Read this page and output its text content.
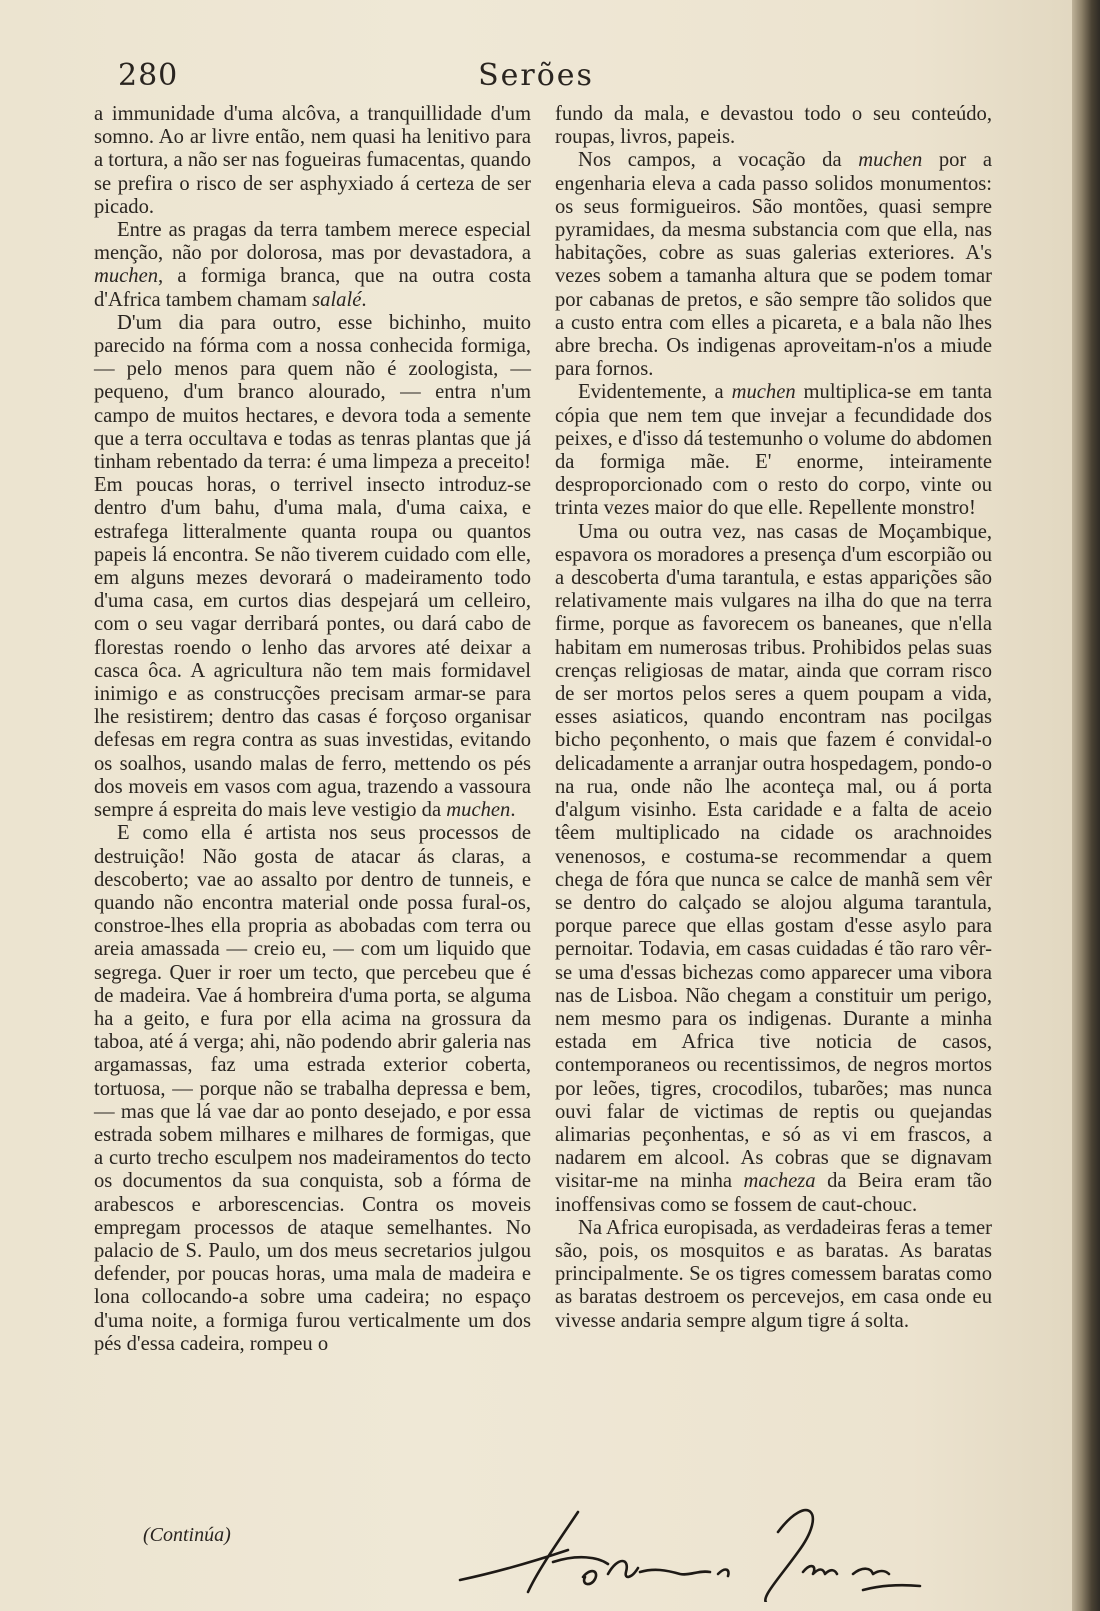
280	Serões

a immunidade d'uma alcôva, a tranquillidade d'um somno. Ao ar livre então, nem quasi ha lenitivo para a tortura, a não ser nas fogueiras fumacentas, quando se prefira o risco de ser asphyxiado á certeza de ser picado.

Entre as pragas da terra tambem merece especial menção, não por dolorosa, mas por devastadora, a muchen, a formiga branca, que na outra costa d'Africa tambem chamam salalé.

D'um dia para outro, esse bichinho, muito parecido na fórma com a nossa conhecida formiga, — pelo menos para quem não é zoologista, — pequeno, d'um branco alourado, — entra n'um campo de muitos hectares, e devora toda a semente que a terra occultava e todas as tenras plantas que já tinham rebentado da terra: é uma limpeza a preceito! Em poucas horas, o terrivel insecto introduz-se dentro d'um bahu, d'uma mala, d'uma caixa, e estrafega litteralmente quanta roupa ou quantos papeis lá encontra. Se não tiverem cuidado com elle, em alguns mezes devorará o madeiramento todo d'uma casa, em curtos dias despejará um celleiro, com o seu vagar derribará pontes, ou dará cabo de florestas roendo o lenho das arvores até deixar a casca ôca. A agricultura não tem mais formidavel inimigo e as construcções precisam armar-se para lhe resistirem; dentro das casas é forçoso organisar defesas em regra contra as suas investidas, evitando os soalhos, usando malas de ferro, mettendo os pés dos moveis em vasos com agua, trazendo a vassoura sempre á espreita do mais leve vestigio da muchen.

E como ella é artista nos seus processos de destruição! Não gosta de atacar ás claras, a descoberto; vae ao assalto por dentro de tunneis, e quando não encontra material onde possa fural-os, constroe-lhes ella propria as abobadas com terra ou areia amassada — creio eu, — com um liquido que segrega. Quer ir roer um tecto, que percebeu que é de madeira. Vae á hombreira d'uma porta, se alguma ha a geito, e fura por ella acima na grossura da taboa, até á verga; ahi, não podendo abrir galeria nas argamassas, faz uma estrada exterior coberta, tortuosa, — porque não se trabalha depressa e bem, — mas que lá vae dar ao ponto desejado, e por essa estrada sobem milhares e milhares de formigas, que a curto trecho esculpem nos madeiramentos do tecto os documentos da sua conquista, sob a fórma de arabescos e arborescencias. Contra os moveis empregam processos de ataque semelhantes. No palacio de S. Paulo, um dos meus secretarios julgou defender, por poucas horas, uma mala de madeira e lona collocando-a sobre uma cadeira; no espaço d'uma noite, a formiga furou verticalmente um dos pés d'essa cadeira, rompeu o

fundo da mala, e devastou todo o seu conteúdo, roupas, livros, papeis.

Nos campos, a vocação da muchen por a engenharia eleva a cada passo solidos monumentos: os seus formigueiros. São montões, quasi sempre pyramidaes, da mesma substancia com que ella, nas habitações, cobre as suas galerias exteriores. A's vezes sobem a tamanha altura que se podem tomar por cabanas de pretos, e são sempre tão solidos que a custo entra com elles a picareta, e a bala não lhes abre brecha. Os indigenas aproveitam-n'os a miude para fornos.

Evidentemente, a muchen multiplica-se em tanta cópia que nem tem que invejar a fecundidade dos peixes, e d'isso dá testemunho o volume do abdomen da formiga mãe. E' enorme, inteiramente desproporcionado com o resto do corpo, vinte ou trinta vezes maior do que elle. Repellente monstro!

Uma ou outra vez, nas casas de Moçambique, espavora os moradores a presença d'um escorpião ou a descoberta d'uma tarantula, e estas apparições são relativamente mais vulgares na ilha do que na terra firme, porque as favorecem os baneanes, que n'ella habitam em numerosas tribus. Prohibidos pelas suas crenças religiosas de matar, ainda que corram risco de ser mortos pelos seres a quem poupam a vida, esses asiaticos, quando encontram nas pocilgas bicho peçonhento, o mais que fazem é convidal-o delicadamente a arranjar outra hospedagem, pondo-o na rua, onde não lhe aconteça mal, ou á porta d'algum visinho. Esta caridade e a falta de aceio têem multiplicado na cidade os arachnoides venenosos, e costuma-se recommendar a quem chega de fóra que nunca se calce de manhã sem vêr se dentro do calçado se alojou alguma tarantula, porque parece que ellas gostam d'esse asylo para pernoitar. Todavia, em casas cuidadas é tão raro vêr-se uma d'essas bichezas como apparecer uma vibora nas de Lisboa. Não chegam a constituir um perigo, nem mesmo para os indigenas. Durante a minha estada em Africa tive noticia de casos, contemporaneos ou recentissimos, de negros mortos por leões, tigres, crocodilos, tubarões; mas nunca ouvi falar de victimas de reptis ou quejandas alimarias peçonhentas, e só as vi em frascos, a nadarem em alcool. As cobras que se dignavam visitar-me na minha macheza da Beira eram tão inoffensivas como se fossem de caut-chouc.

Na Africa europisada, as verdadeiras feras a temer são, pois, os mosquitos e as baratas. As baratas principalmente. Se os tigres comessem baratas como as baratas destroem os percevejos, em casa onde eu vivesse andaria sempre algum tigre á solta.

(Continúa)
